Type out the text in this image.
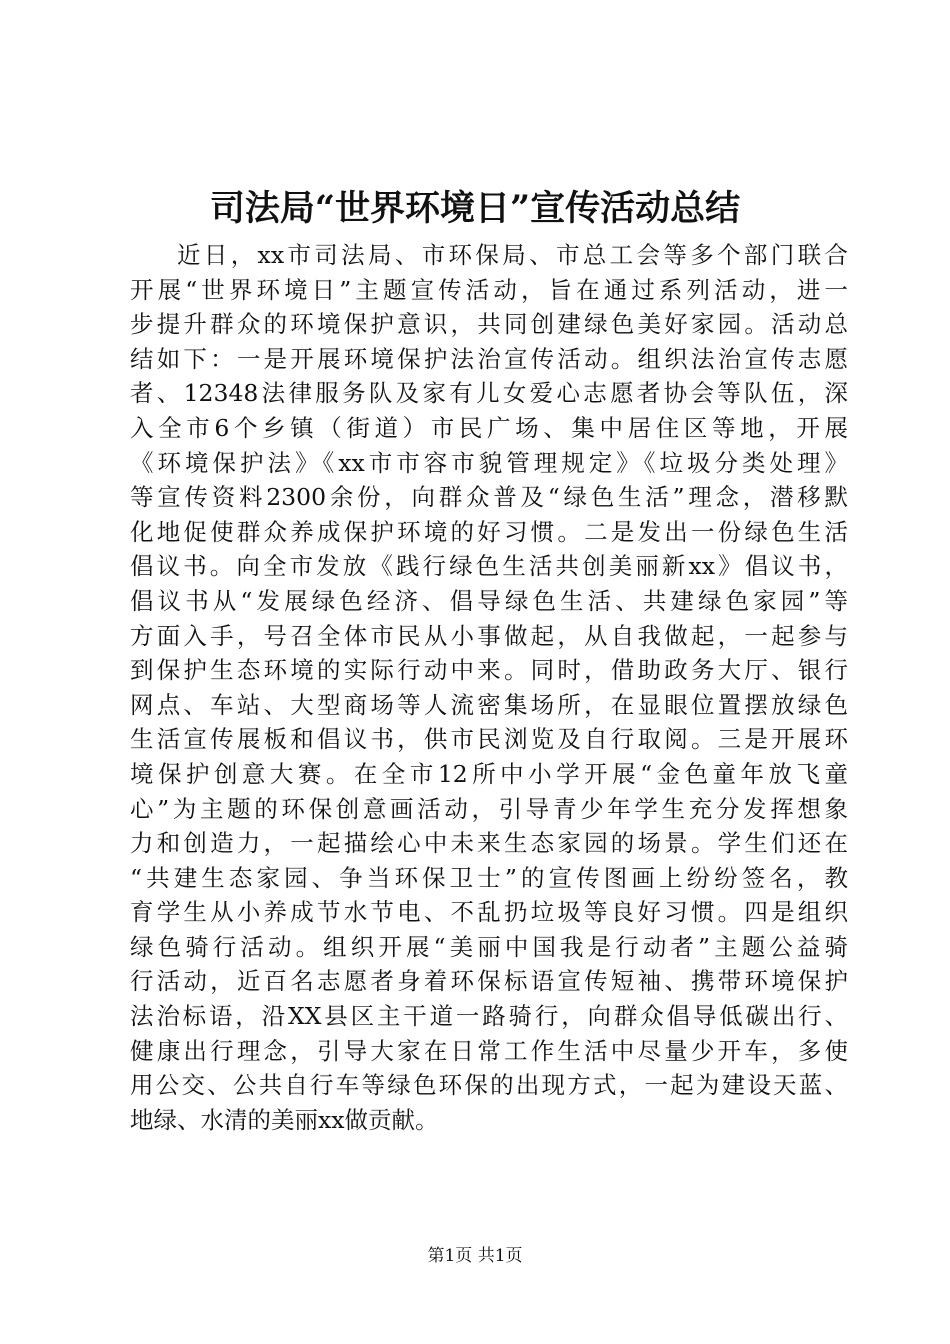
司法局“世界环境日”宣传活动总结
近日，xx市司法局、市环保局、市总工会等多个部门联合
开展“世界环境日”主题宣传活动，旨在通过系列活动，进一
步提升群众的环境保护意识，共同创建绿色美好家园。活动总
结如下：一是开展环境保护法治宣传活动。组织法治宣传志愿
者、12348法律服务队及家有儿女爱心志愿者协会等队伍，深
入全市6个乡镇（街道）市民广场、集中居住区等地，开展
《环境保护法》《xx市市容市貌管理规定》《垃圾分类处理》
等宣传资料2300余份，向群众普及“绿色生活”理念，潜移默
化地促使群众养成保护环境的好习惯。二是发出一份绿色生活
倡议书。向全市发放《践行绿色生活共创美丽新xx》倡议书，
倡议书从“发展绿色经济、倡导绿色生活、共建绿色家园”等
方面入手，号召全体市民从小事做起，从自我做起，一起参与
到保护生态环境的实际行动中来。同时，借助政务大厅、银行
网点、车站、大型商场等人流密集场所，在显眼位置摆放绿色
生活宣传展板和倡议书，供市民浏览及自行取阅。三是开展环
境保护创意大赛。在全市12所中小学开展“金色童年放飞童
心”为主题的环保创意画活动，引导青少年学生充分发挥想象
力和创造力，一起描绘心中未来生态家园的场景。学生们还在
“共建生态家园、争当环保卫士”的宣传图画上纷纷签名，教
育学生从小养成节水节电、不乱扔垃圾等良好习惯。四是组织
绿色骑行活动。组织开展“美丽中国我是行动者”主题公益骑
行活动，近百名志愿者身着环保标语宣传短袖、携带环境保护
法治标语，沿XX县区主干道一路骑行，向群众倡导低碳出行、
健康出行理念，引导大家在日常工作生活中尽量少开车，多使
用公交、公共自行车等绿色环保的出现方式，一起为建设天蓝、
地绿、水清的美丽xx做贡献。
第1页 共1页
